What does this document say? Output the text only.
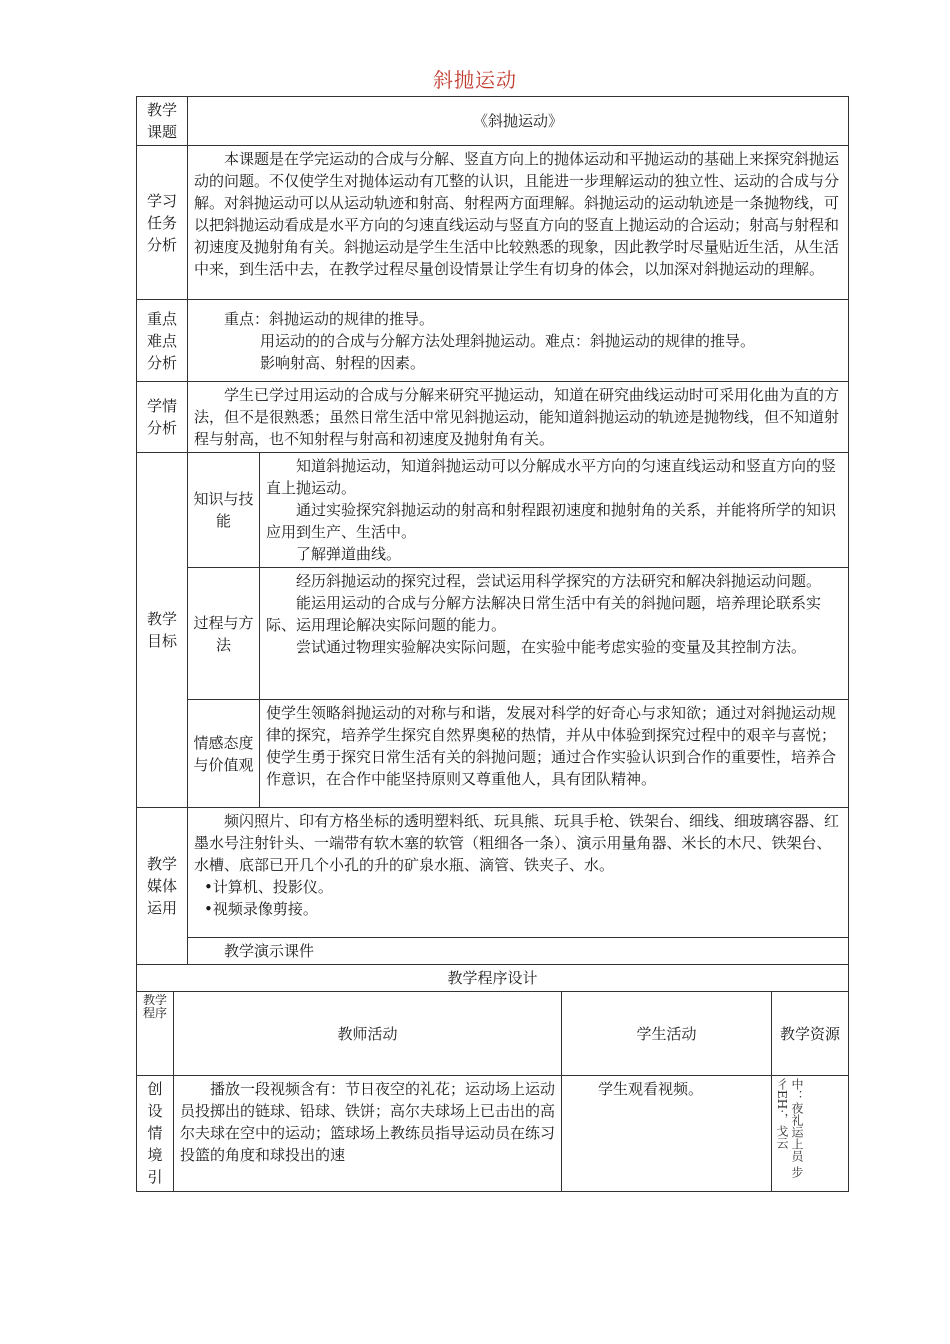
斜抛运动
教学课题		《斜抛运动》			
学习任务分析		本课题是在学完运动的合成与分解、竖直方向上的抛体运动和平抛运动的基础上来探究斜抛运动的问题。不仅使学生对抛体运动有兀整的认识，且能进一步理解运动的独立性、运动的合成与分解。对斜抛运动可以从运动轨迹和射高、射程两方面理解。斜抛运动的运动轨迹是一条抛物线，可以把斜抛运动看成是水平方向的匀速直线运动与竖直方向的竖直上抛运动的合运动；射高与射程和初速度及抛射角有关。斜抛运动是学生生活中比较熟悉的现象，因此教学时尽量贴近生活，从生活中来，到生活中去，在教学过程尽量创设情景让学生有切身的体会，以加深对斜抛运动的理解。			
重点难点分析		重点：斜抛运动的规律的推导。

用运动的的合成与分解方法处理斜抛运动。难点：斜抛运动的规律的推导。

影响射高、射程的因素。			

学情分析		学生已学过用运动的合成与分解来研究平抛运动，知道在研究曲线运动时可采用化曲为直的方法，但不是很熟悉；虽然日常生活中常见斜抛运动，能知道斜抛运动的轨迹是抛物线，但不知道射程与射高，也不知射程与射高和初速度及抛射角有关。			
教学目标		知识与技能	知道斜抛运动，知道斜抛运动可以分解成水平方向的匀速直线运动和竖直方向的竖直上抛运动。

通过实验探究斜抛运动的射高和射程跟初速度和抛射角的关系，并能将所学的知识应用到生产、生活中。

了解弹道曲线。		

		过程与方法	经历斜抛运动的探究过程，尝试运用科学探究的方法研究和解决斜抛运动问题。

能运用运动的合成与分解方法解决日常生活中有关的斜抛问题，培养理论联系实际、运用理论解决实际问题的能力。

尝试通过物理实验解决实际问题，在实验中能考虑实验的变量及其控制方法。		

		情感态度与价值观	使学生领略斜抛运动的对称与和谐，发展对科学的好奇心与求知欲；通过对斜抛运动规律的探究，培养学生探究自然界奥秘的热情，并从中体验到探究过程中的艰辛与喜悦；使学生勇于探究日常生活有关的斜抛问题；通过合作实验认识到合作的重要性，培养合作意识，在合作中能坚持原则又尊重他人，具有团队精神。		
教学媒体运用		频闪照片、印有方格坐标的透明塑料纸、玩具熊、玩具手枪、铁架台、细线、细玻璃容器、红墨水号注射针头、一端带有软木塞的软管（粗细各一条）、演示用量角器、米长的木尺、铁架台、水槽、底部已开几个小孔的升的矿泉水瓶、滴管、铁夹子、水。

•计算机、投影仪。

•视频录像剪接。			

		教学演示课件			
教学程序设计					
教学程序	教师活动			学生活动	教学资源
创设情境引	播放一段视频含有：节日夜空的礼花；运动场上运动员投掷出的链球、铅球、铁饼；高尔夫球场上已击出的高尔夫球在空中的运动；篮球场上教练员指导运动员在练习投篮的角度和球投出的速			学生观看视频。	中：夜礼运上员 步彳EH·，戈云
